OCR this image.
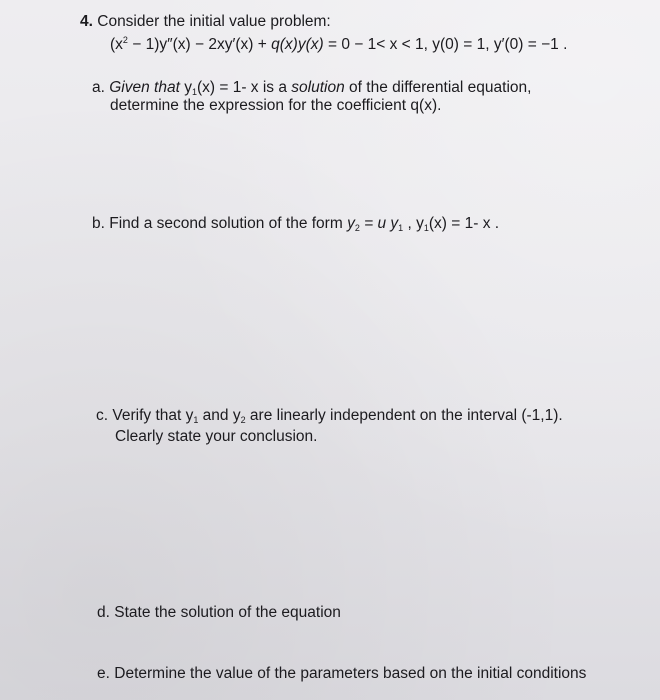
4. Consider the initial value problem:
$(x^2 - 1)y''(x) - 2xy'(x) + q(x)y(x) = 0 - 1< x < 1$, y(0) = 1, y′(0) = −1 .
a. Given that $y_1(x) = 1-$ x is a solution of the differential equation,
determine the expression for the coefficient q(x).
b. Find a second solution of the form $y_2 = u$ $y_1$ , $y_1(x) = 1-$ x .
c. Verify that $y_1$ and $y_2$ are linearly independent on the interval (-1,1).
Clearly state your conclusion.
d. State the solution of the equation
e. Determine the value of the parameters based on the initial conditions
